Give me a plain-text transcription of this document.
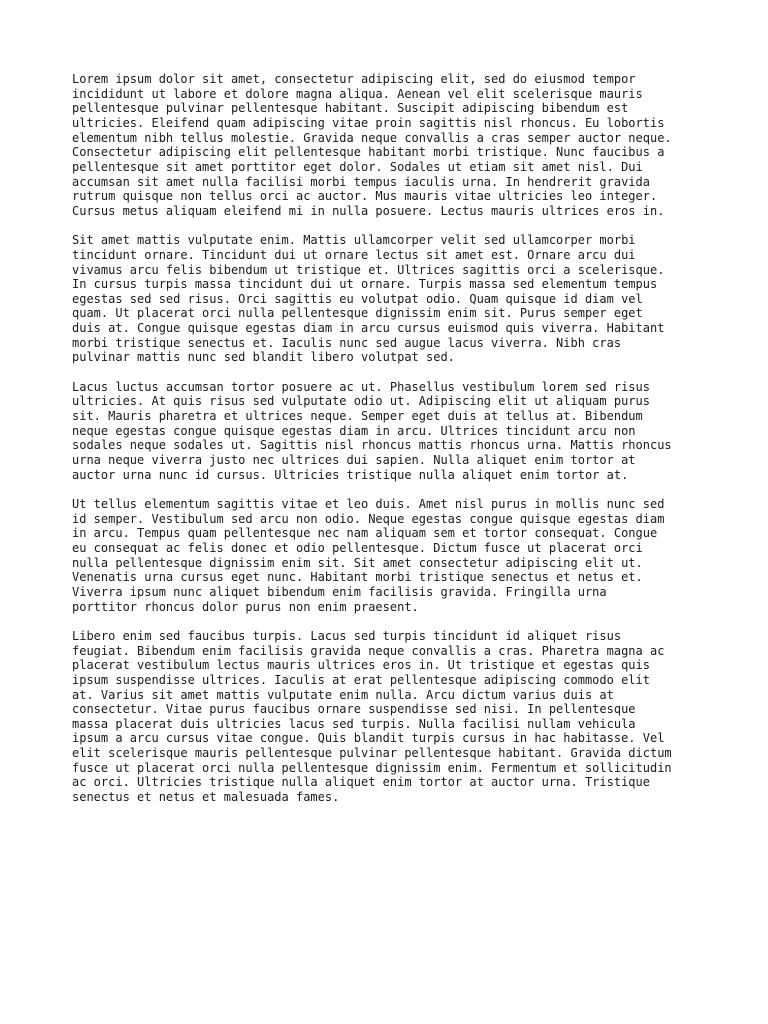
Lorem ipsum dolor sit amet, consectetur adipiscing elit, sed do eiusmod tempor
incididunt ut labore et dolore magna aliqua. Aenean vel elit scelerisque mauris
pellentesque pulvinar pellentesque habitant. Suscipit adipiscing bibendum est
ultricies. Eleifend quam adipiscing vitae proin sagittis nisl rhoncus. Eu lobortis
elementum nibh tellus molestie. Gravida neque convallis a cras semper auctor neque.
Consectetur adipiscing elit pellentesque habitant morbi tristique. Nunc faucibus a
pellentesque sit amet porttitor eget dolor. Sodales ut etiam sit amet nisl. Dui
accumsan sit amet nulla facilisi morbi tempus iaculis urna. In hendrerit gravida
rutrum quisque non tellus orci ac auctor. Mus mauris vitae ultricies leo integer.
Cursus metus aliquam eleifend mi in nulla posuere. Lectus mauris ultrices eros in.

Sit amet mattis vulputate enim. Mattis ullamcorper velit sed ullamcorper morbi
tincidunt ornare. Tincidunt dui ut ornare lectus sit amet est. Ornare arcu dui
vivamus arcu felis bibendum ut tristique et. Ultrices sagittis orci a scelerisque.
In cursus turpis massa tincidunt dui ut ornare. Turpis massa sed elementum tempus
egestas sed sed risus. Orci sagittis eu volutpat odio. Quam quisque id diam vel
quam. Ut placerat orci nulla pellentesque dignissim enim sit. Purus semper eget
duis at. Congue quisque egestas diam in arcu cursus euismod quis viverra. Habitant
morbi tristique senectus et. Iaculis nunc sed augue lacus viverra. Nibh cras
pulvinar mattis nunc sed blandit libero volutpat sed.

Lacus luctus accumsan tortor posuere ac ut. Phasellus vestibulum lorem sed risus
ultricies. At quis risus sed vulputate odio ut. Adipiscing elit ut aliquam purus
sit. Mauris pharetra et ultrices neque. Semper eget duis at tellus at. Bibendum
neque egestas congue quisque egestas diam in arcu. Ultrices tincidunt arcu non
sodales neque sodales ut. Sagittis nisl rhoncus mattis rhoncus urna. Mattis rhoncus
urna neque viverra justo nec ultrices dui sapien. Nulla aliquet enim tortor at
auctor urna nunc id cursus. Ultricies tristique nulla aliquet enim tortor at.

Ut tellus elementum sagittis vitae et leo duis. Amet nisl purus in mollis nunc sed
id semper. Vestibulum sed arcu non odio. Neque egestas congue quisque egestas diam
in arcu. Tempus quam pellentesque nec nam aliquam sem et tortor consequat. Congue
eu consequat ac felis donec et odio pellentesque. Dictum fusce ut placerat orci
nulla pellentesque dignissim enim sit. Sit amet consectetur adipiscing elit ut.
Venenatis urna cursus eget nunc. Habitant morbi tristique senectus et netus et.
Viverra ipsum nunc aliquet bibendum enim facilisis gravida. Fringilla urna
porttitor rhoncus dolor purus non enim praesent.

Libero enim sed faucibus turpis. Lacus sed turpis tincidunt id aliquet risus
feugiat. Bibendum enim facilisis gravida neque convallis a cras. Pharetra magna ac
placerat vestibulum lectus mauris ultrices eros in. Ut tristique et egestas quis
ipsum suspendisse ultrices. Iaculis at erat pellentesque adipiscing commodo elit
at. Varius sit amet mattis vulputate enim nulla. Arcu dictum varius duis at
consectetur. Vitae purus faucibus ornare suspendisse sed nisi. In pellentesque
massa placerat duis ultricies lacus sed turpis. Nulla facilisi nullam vehicula
ipsum a arcu cursus vitae congue. Quis blandit turpis cursus in hac habitasse. Vel
elit scelerisque mauris pellentesque pulvinar pellentesque habitant. Gravida dictum
fusce ut placerat orci nulla pellentesque dignissim enim. Fermentum et sollicitudin
ac orci. Ultricies tristique nulla aliquet enim tortor at auctor urna. Tristique
senectus et netus et malesuada fames.
